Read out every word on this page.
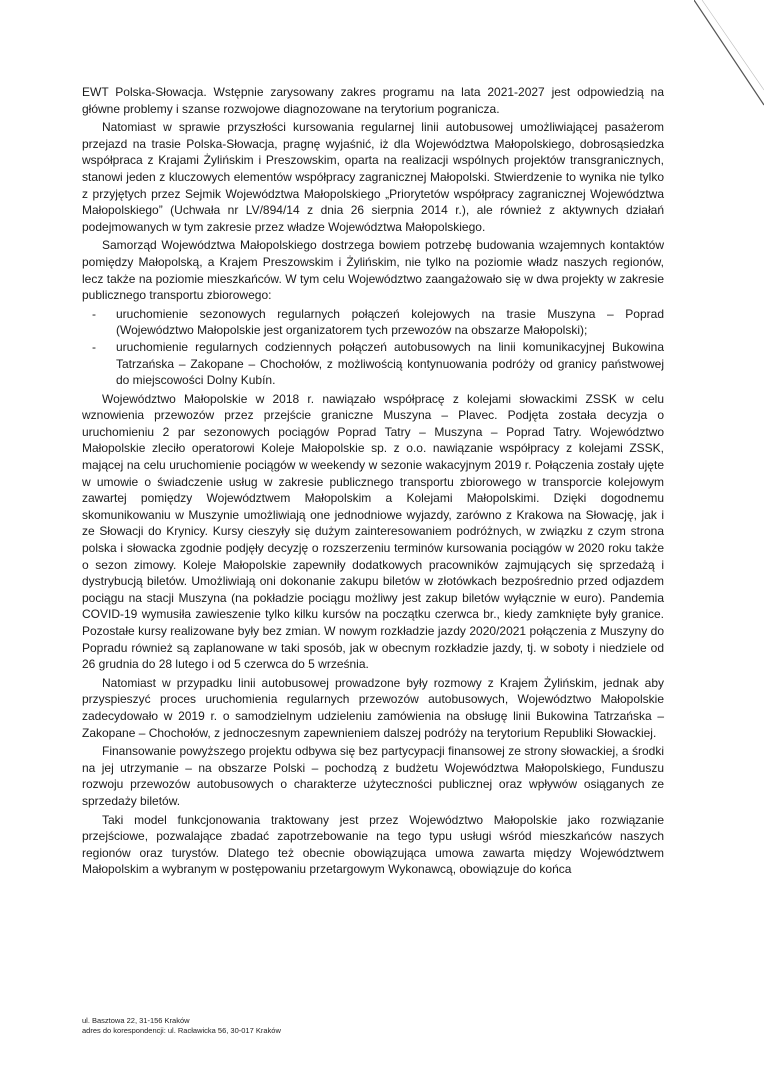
EWT Polska-Słowacja. Wstępnie zarysowany zakres programu na lata 2021-2027 jest odpowiedzią na główne problemy i szanse rozwojowe diagnozowane na terytorium pogranicza.

Natomiast w sprawie przyszłości kursowania regularnej linii autobusowej umożliwiającej pasażerom przejazd na trasie Polska-Słowacja, pragnę wyjaśnić, iż dla Województwa Małopolskiego, dobrosąsiedzka współpraca z Krajami Żylińskim i Preszowskim, oparta na realizacji wspólnych projektów transgranicznych, stanowi jeden z kluczowych elementów współpracy zagranicznej Małopolski. Stwierdzenie to wynika nie tylko z przyjętych przez Sejmik Województwa Małopolskiego „Priorytetów współpracy zagranicznej Województwa Małopolskiego” (Uchwała nr LV/894/14 z dnia 26 sierpnia 2014 r.), ale również z aktywnych działań podejmowanych w tym zakresie przez władze Województwa Małopolskiego.

Samorząd Województwa Małopolskiego dostrzega bowiem potrzebę budowania wzajemnych kontaktów pomiędzy Małopolską, a Krajem Preszowskim i Żylińskim, nie tylko na poziomie władz naszych regionów, lecz także na poziomie mieszkańców. W tym celu Województwo zaangażowało się w dwa projekty w zakresie publicznego transportu zbiorowego:

- uruchomienie sezonowych regularnych połączeń kolejowych na trasie Muszyna – Poprad (Województwo Małopolskie jest organizatorem tych przewozów na obszarze Małopolski);
- uruchomienie regularnych codziennych połączeń autobusowych na linii komunikacyjnej Bukowina Tatrzańska – Zakopane – Chochołów, z możliwością kontynuowania podróży od granicy państwowej do miejscowości Dolny Kubín.

Województwo Małopolskie w 2018 r. nawiązało współpracę z kolejami słowackimi ZSSK w celu wznowienia przewozów przez przejście graniczne Muszyna – Plavec. Podjęta została decyzja o uruchomieniu 2 par sezonowych pociągów Poprad Tatry – Muszyna – Poprad Tatry. Województwo Małopolskie zleciło operatorowi Koleje Małopolskie sp. z o.o. nawiązanie współpracy z kolejami ZSSK, mającej na celu uruchomienie pociągów w weekendy w sezonie wakacyjnym 2019 r. Połączenia zostały ujęte w umowie o świadczenie usług w zakresie publicznego transportu zbiorowego w transporcie kolejowym zawartej pomiędzy Województwem Małopolskim a Kolejami Małopolskimi. Dzięki dogodnemu skomunikowaniu w Muszynie umożliwiają one jednodniowe wyjazdy, zarówno z Krakowa na Słowację, jak i ze Słowacji do Krynicy. Kursy cieszyły się dużym zainteresowaniem podróżnych, w związku z czym strona polska i słowacka zgodnie podjęły decyzję o rozszerzeniu terminów kursowania pociągów w 2020 roku także o sezon zimowy. Koleje Małopolskie zapewniły dodatkowych pracowników zajmujących się sprzedażą i dystrybucją biletów. Umożliwiają oni dokonanie zakupu biletów w złotówkach bezpośrednio przed odjazdem pociągu na stacji Muszyna (na pokładzie pociągu możliwy jest zakup biletów wyłącznie w euro). Pandemia COVID-19 wymusiła zawieszenie tylko kilku kursów na początku czerwca br., kiedy zamknięte były granice. Pozostałe kursy realizowane były bez zmian. W nowym rozkładzie jazdy 2020/2021 połączenia z Muszyny do Popradu również są zaplanowane w taki sposób, jak w obecnym rozkładzie jazdy, tj. w soboty i niedziele od 26 grudnia do 28 lutego i od 5 czerwca do 5 września.

Natomiast w przypadku linii autobusowej prowadzone były rozmowy z Krajem Żylińskim, jednak aby przyspieszyć proces uruchomienia regularnych przewozów autobusowych, Województwo Małopolskie zadecydowało w 2019 r. o samodzielnym udzieleniu zamówienia na obsługę linii Bukowina Tatrzańska – Zakopane – Chochołów, z jednoczesnym zapewnieniem dalszej podróży na terytorium Republiki Słowackiej.

Finansowanie powyższego projektu odbywa się bez partycypacji finansowej ze strony słowackiej, a środki na jej utrzymanie – na obszarze Polski – pochodzą z budżetu Województwa Małopolskiego, Funduszu rozwoju przewozów autobusowych o charakterze użyteczności publicznej oraz wpływów osiąganych ze sprzedaży biletów.

Taki model funkcjonowania traktowany jest przez Województwo Małopolskie jako rozwiązanie przejściowe, pozwalające zbadać zapotrzebowanie na tego typu usługi wśród mieszkańców naszych regionów oraz turystów. Dlatego też obecnie obowiązująca umowa zawarta między Województwem Małopolskim a wybranym w postępowaniu przetargowym Wykonawcą, obowiązuje do końca

ul. Basztowa 22, 31-156 Kraków
adres do korespondencji: ul. Racławicka 56, 30-017 Kraków
